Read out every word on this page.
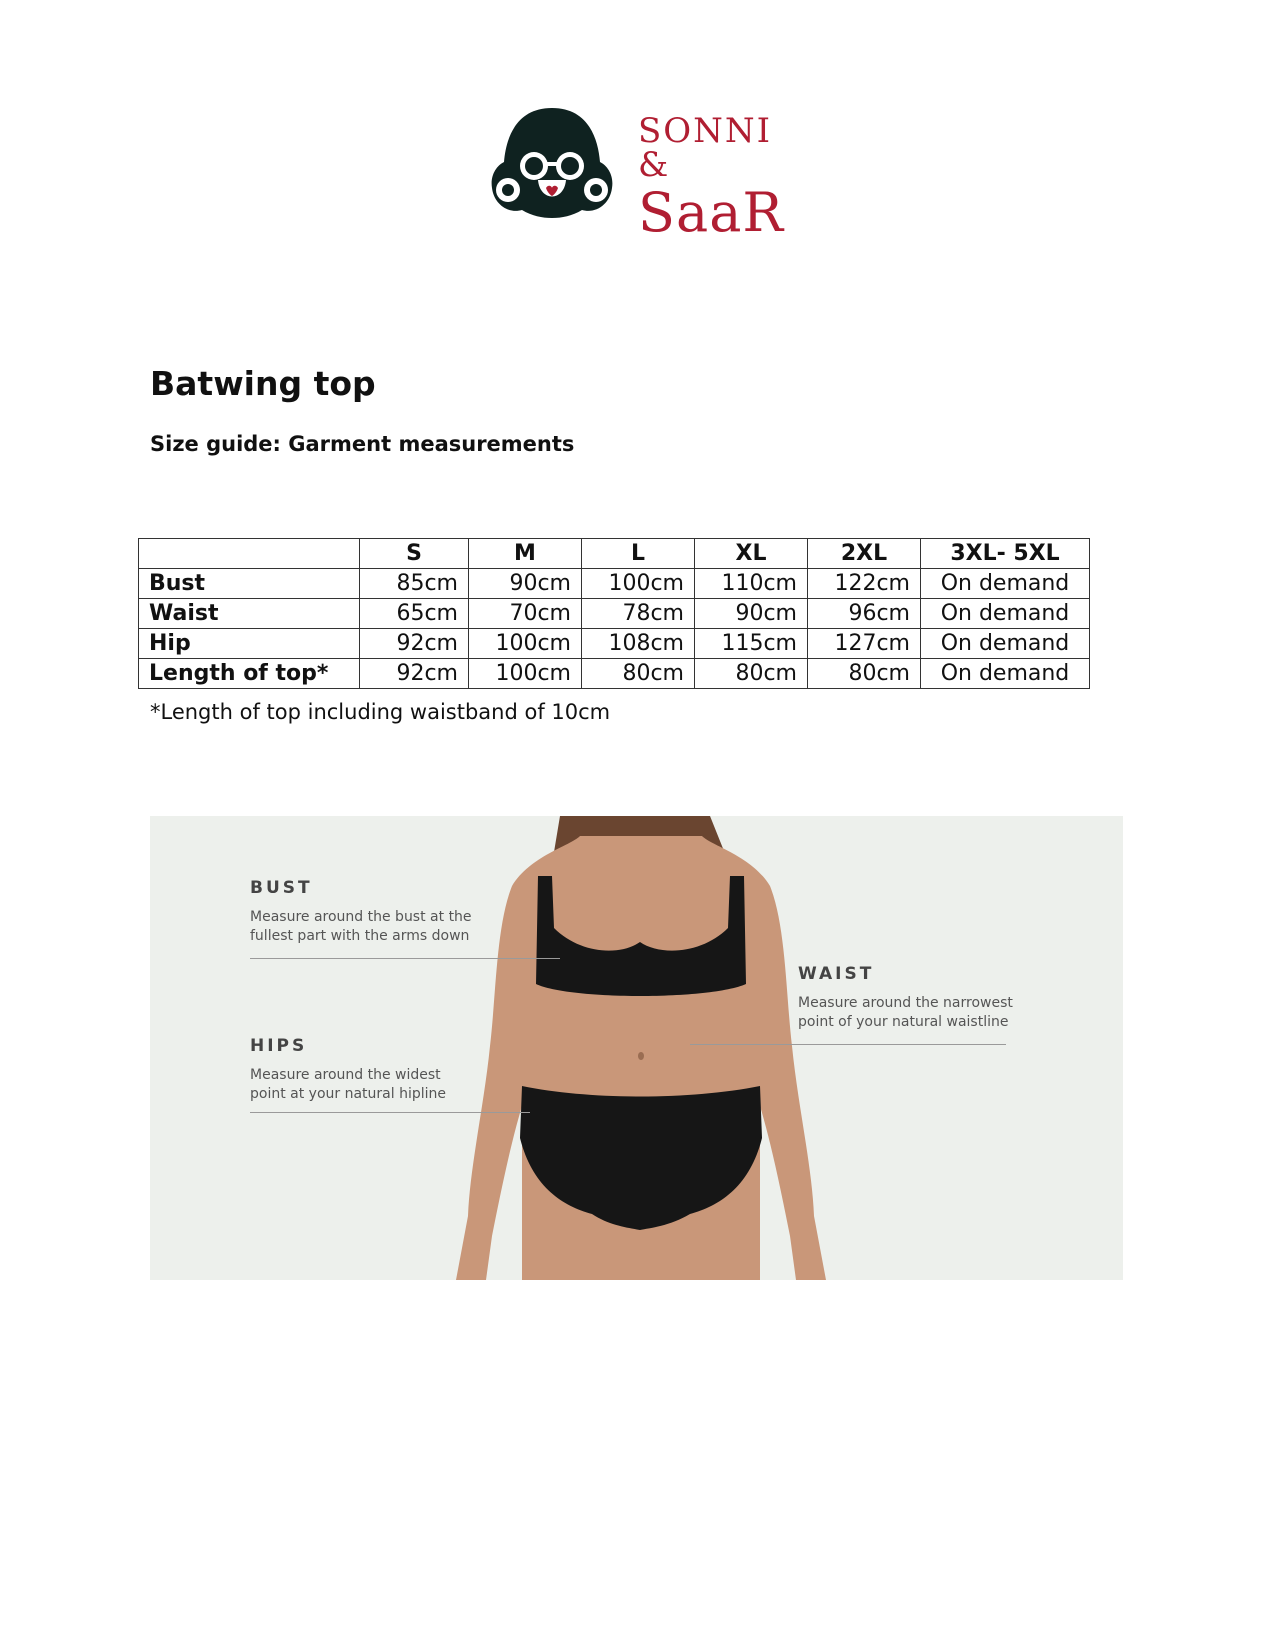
SONNI &
SaaR
Batwing top
Size guide: Garment measurements
	S	M	L	XL	2XL	3XL- 5XL
Bust	85cm	90cm	100cm	110cm	122cm	On demand
Waist	65cm	70cm	78cm	90cm	96cm	On demand
Hip	92cm	100cm	108cm	115cm	127cm	On demand
Length of top*	92cm	100cm	80cm	80cm	80cm	On demand

*Length of top including waistband of 10cm

BUST
Measure around the bust at the fullest part with the arms down
HIPS
Measure around the widest point at your natural hipline
WAIST
Measure around the narrowest point of your natural waistline
